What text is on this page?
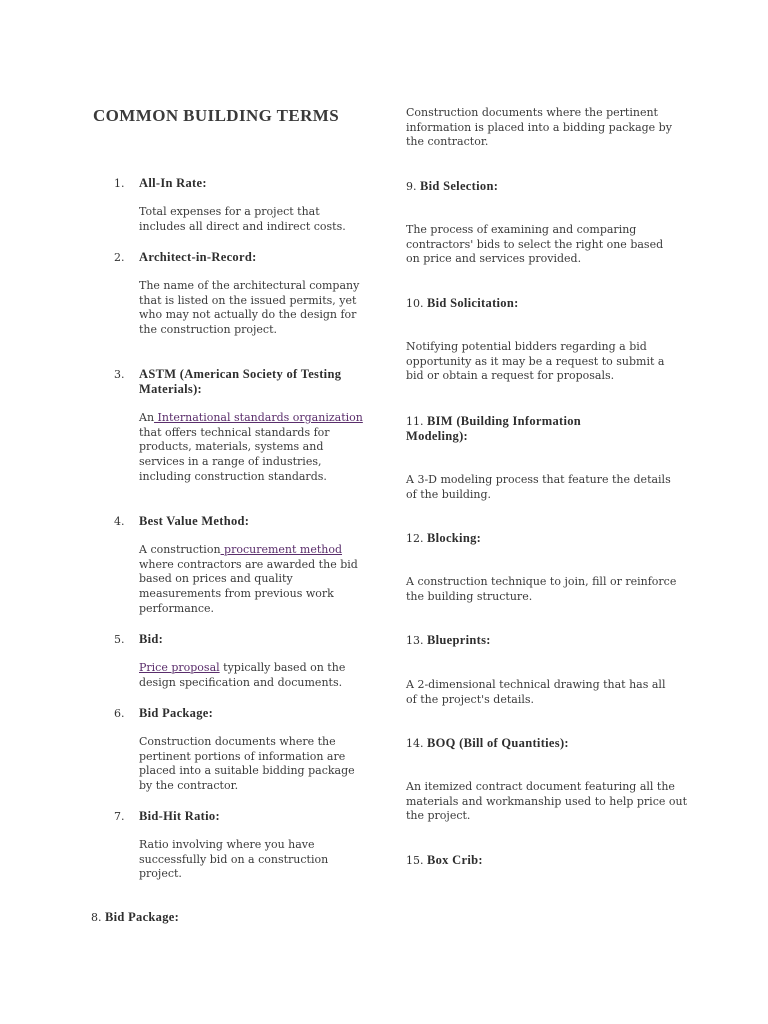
COMMON BUILDING TERMS
1. All-In Rate:
Total expenses for a project that includes all direct and indirect costs.
2. Architect-in-Record:
The name of the architectural company that is listed on the issued permits, yet who may not actually do the design for the construction project.
3. ASTM (American Society of Testing Materials):
An International standards organization that offers technical standards for products, materials, systems and services in a range of industries, including construction standards.
4. Best Value Method:
A construction procurement method where contractors are awarded the bid based on prices and quality measurements from previous work performance.
5. Bid:
Price proposal typically based on the design specification and documents.
6. Bid Package:
Construction documents where the pertinent portions of information are placed into a suitable bidding package by the contractor.
7. Bid-Hit Ratio:
Ratio involving where you have successfully bid on a construction project.
8. Bid Package:
Construction documents where the pertinent information is placed into a bidding package by the contractor.
9. Bid Selection:
The process of examining and comparing contractors' bids to select the right one based on price and services provided.
10. Bid Solicitation:
Notifying potential bidders regarding a bid opportunity as it may be a request to submit a bid or obtain a request for proposals.
11. BIM (Building Information Modeling):
A 3-D modeling process that feature the details of the building.
12. Blocking:
A construction technique to join, fill or reinforce the building structure.
13. Blueprints:
A 2-dimensional technical drawing that has all of the project's details.
14. BOQ (Bill of Quantities):
An itemized contract document featuring all the materials and workmanship used to help price out the project.
15. Box Crib:
